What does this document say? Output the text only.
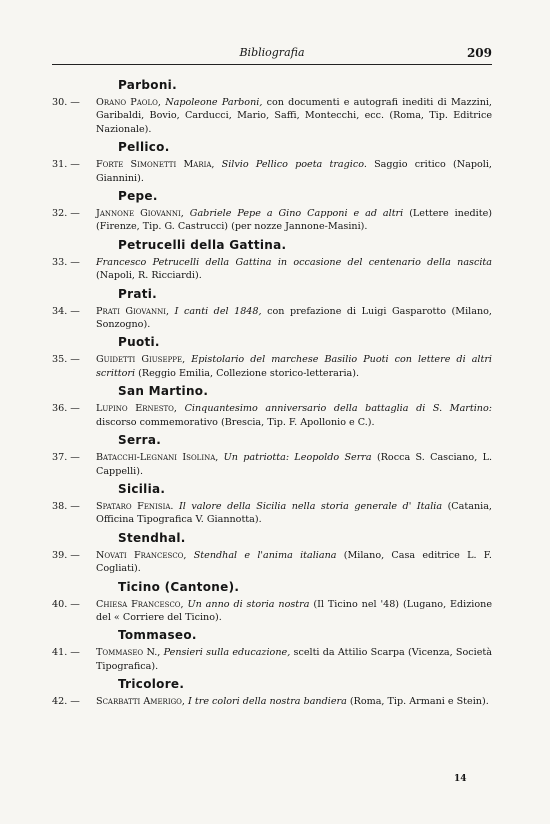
Bibliografia	209
Parboni.
30. — Orano Paolo, Napoleone Parboni, con documenti e autografi inediti di Mazzini, Garibaldi, Bovio, Carducci, Mario, Saffi, Montecchi, ecc. (Roma, Tip. Editrice Nazionale).
Pellico.
31. — Forte Simonetti Maria, Silvio Pellico poeta tragico. Saggio critico (Napoli, Giannini).
Pepe.
32. — Jannone Giovanni, Gabriele Pepe a Gino Capponi e ad altri (Lettere inedite) (Firenze, Tip. G. Castrucci) (per nozze Jannone-Masini).
Petrucelli della Gattina.
33. — Francesco Petrucelli della Gattina in occasione del centenario della nascita (Napoli, R. Ricciardi).
Prati.
34. — Prati Giovanni, I canti del 1848, con prefazione di Luigi Gasparotto (Milano, Sonzogno).
Puoti.
35. — Guidetti Giuseppe, Epistolario del marchese Basilio Puoti con lettere di altri scrittori (Reggio Emilia, Collezione storico-letteraria).
San Martino.
36. — Lupino Ernesto, Cinquantesimo anniversario della battaglia di S. Martino: discorso commemorativo (Brescia, Tip. F. Apollonio e C.).
Serra.
37. — Batacchi-Legnani Isolina, Un patriotta: Leopoldo Serra (Rocca S. Casciano, L. Cappelli).
Sicilia.
38. — Spataro Fenisia. Il valore della Sicilia nella storia generale d' Italia (Catania, Officina Tipografica V. Giannotta).
Stendhal.
39. — Novati Francesco, Stendhal e l'anima italiana (Milano, Casa editrice L. F. Cogliati).
Ticino (Cantone).
40. — Chiesa Francesco, Un anno di storia nostra (Il Ticino nel '48) (Lugano, Edizione del « Corriere del Ticino).
Tommaseo.
41. — Tommaseo N., Pensieri sulla educazione, scelti da Attilio Scarpa (Vicenza, Società Tipografica).
Tricolore.
42. — Scarbatti Amerigo, I tre colori della nostra bandiera (Roma, Tip. Armani e Stein).
14
